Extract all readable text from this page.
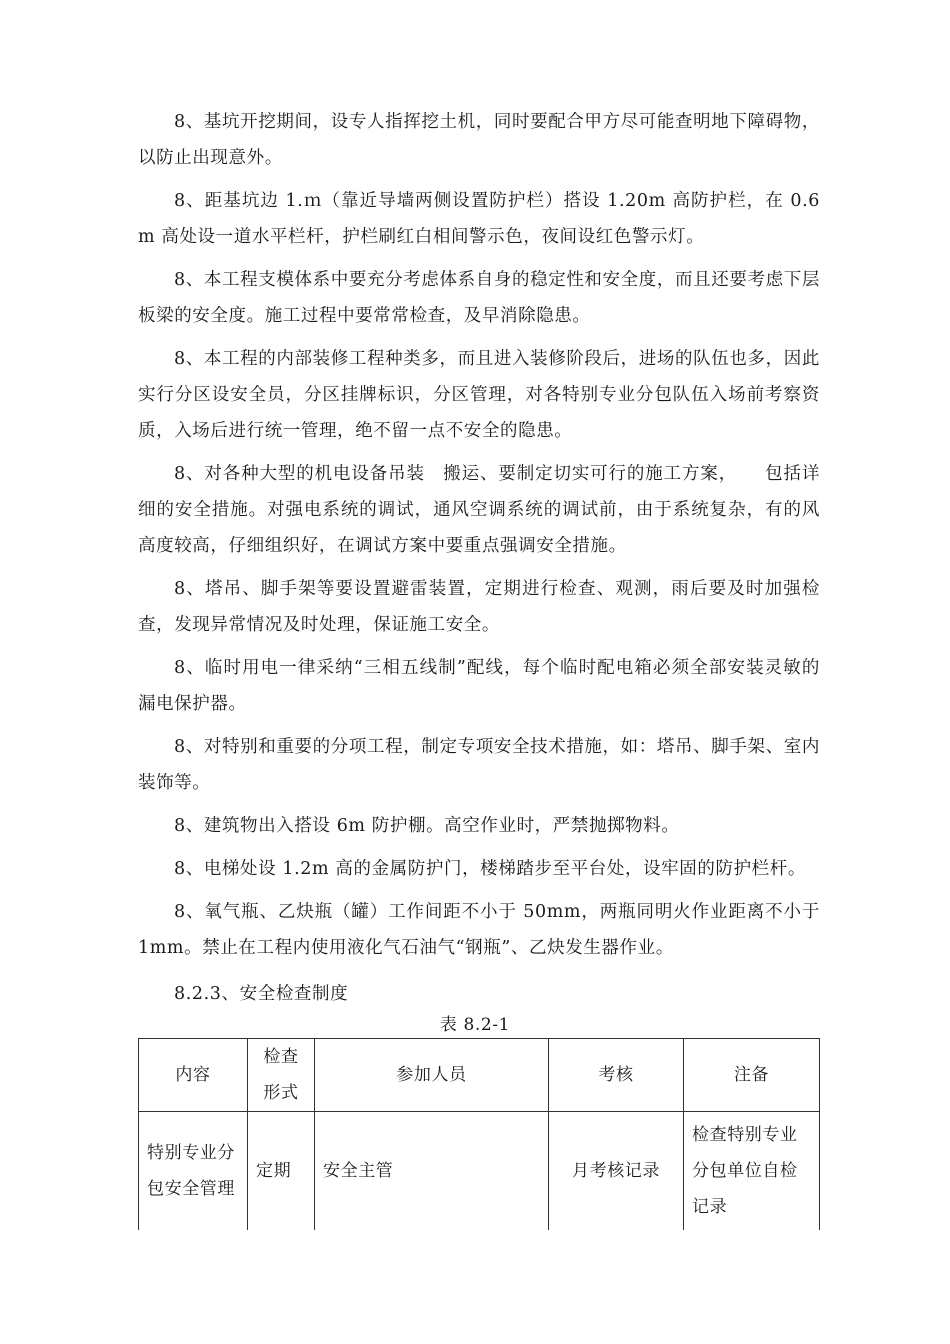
8、基坑开挖期间，设专人指挥挖土机，同时要配合甲方尽可能查明地下障碍物，以防止出现意外。

8、距基坑边 1.ｍ（靠近导墙两侧设置防护栏）搭设 1.20m 高防护栏，在 0.6m 高处设一道水平栏杆，护栏刷红白相间警示色，夜间设红色警示灯。

8、本工程支模体系中要充分考虑体系自身的稳定性和安全度，而且还要考虑下层板梁的安全度。施工过程中要常常检查，及早消除隐患。

8、本工程的内部装修工程种类多，而且进入装修阶段后，进场的队伍也多，因此实行分区设安全员，分区挂牌标识，分区管理，对各特别专业分包队伍入场前考察资质，入场后进行统一管理，绝不留一点不安全的隐患。

8、对各种大型的机电设备吊装　搬运、要制定切实可行的施工方案，　　包括详细的安全措施。对强电系统的调试，通风空调系统的调试前，由于系统复杂，有的风高度较高，仔细组织好，在调试方案中要重点强调安全措施。

8、塔吊、脚手架等要设置避雷装置，定期进行检查、观测，雨后要及时加强检查，发现异常情况及时处理，保证施工安全。

8、临时用电一律采纳“三相五线制”配线，每个临时配电箱必须全部安装灵敏的漏电保护器。

8、对特别和重要的分项工程，制定专项安全技术措施，如：塔吊、脚手架、室内装饰等。

8、建筑物出入搭设 6m 防护棚。高空作业时，严禁抛掷物料。

8、电梯处设 1.2m 高的金属防护门，楼梯踏步至平台处，设牢固的防护栏杆。

8、氧气瓶、乙炔瓶（罐）工作间距不小于 50mm，两瓶同明火作业距离不小于 1mm。禁止在工程内使用液化气石油气“钢瓶”、乙炔发生器作业。

8.2.3、安全检查制度

表 8.2-1

内容	检查形式	参加人员	考核	注备
特别专业分包安全管理	定期	安全主管	月考核记录	检查特别专业分包单位自检记录
